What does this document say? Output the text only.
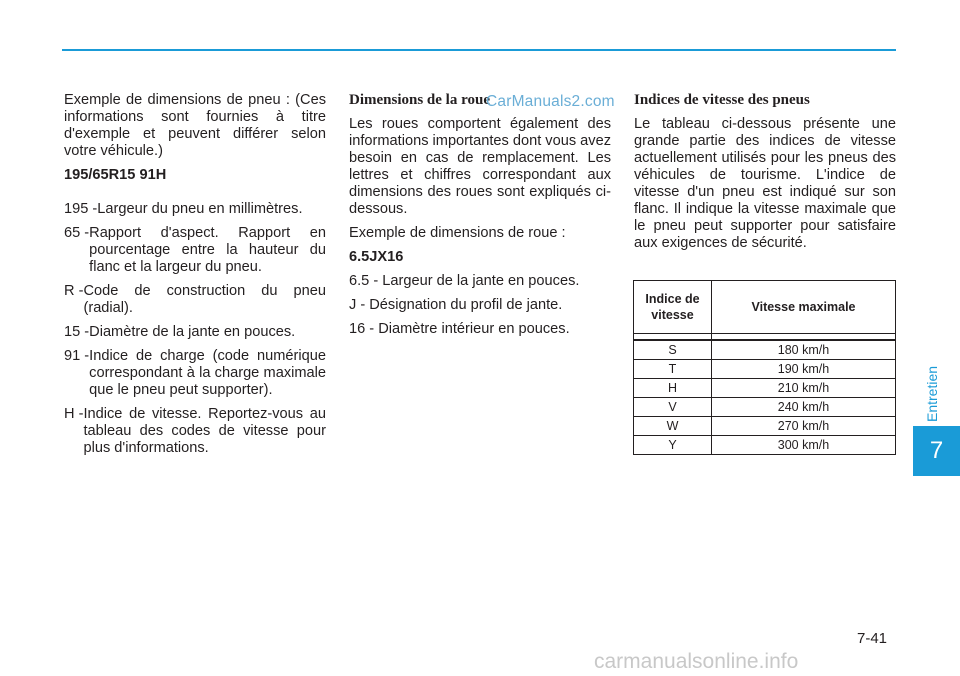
Exemple de dimensions de pneu : (Ces informations sont fournies à titre d'exemple et peuvent différer selon votre véhicule.)

195/65R15 91H

195 - Largeur du pneu en millimètres.
65 - Rapport d'aspect. Rapport en pourcentage entre la hauteur du flanc et la largeur du pneu.
R - Code de construction du pneu (radial).
15 - Diamètre de la jante en pouces.
91 - Indice de charge (code numérique correspondant à la charge maximale que le pneu peut supporter).
H - Indice de vitesse. Reportez-vous au tableau des codes de vitesse pour plus d'informations.
Dimensions de la roue

Les roues comportent également des informations importantes dont vous avez besoin en cas de remplacement. Les lettres et chiffres correspondant aux dimensions des roues sont expliqués ci-dessous.

Exemple de dimensions de roue :

6.5JX16

6.5 - Largeur de la jante en pouces.

J - Désignation du profil de jante.

16 - Diamètre intérieur en pouces.

CarManuals2.com Indices de vitesse des pneus

Le tableau ci-dessous présente une grande partie des indices de vitesse actuellement utilisés pour les pneus des véhicules de tourisme. L'indice de vitesse d'un pneu est indiqué sur son flanc. Il indique la vitesse maximale que le pneu peut supporter pour satisfaire aux exigences de sécurité.

Indice de vitesse	Vitesse maximale

S	180 km/h
T	190 km/h
H	210 km/h
V	240 km/h
W	270 km/h
Y	300 km/h
Entretien
7
7-41
carmanualsonline.info
